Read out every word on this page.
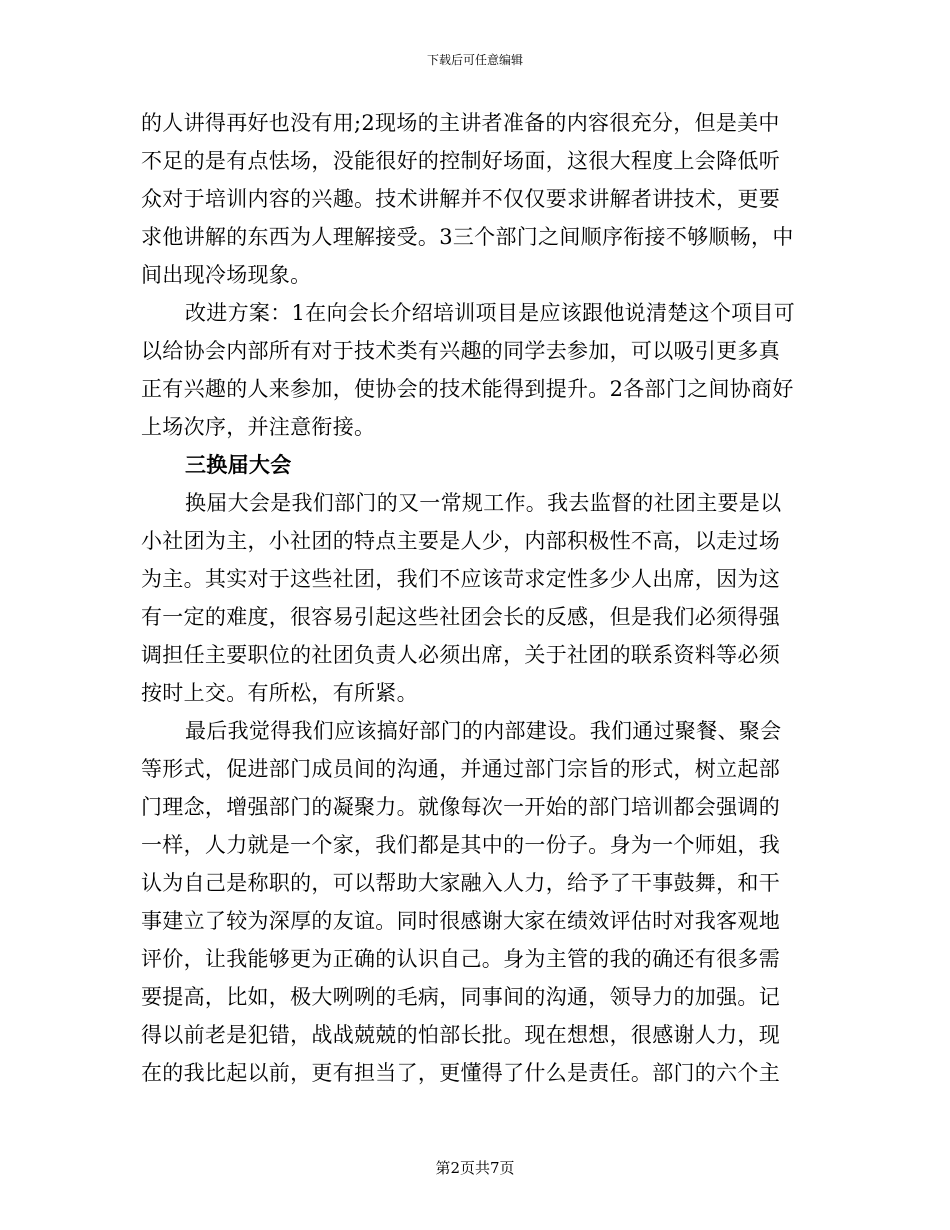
下载后可任意编辑
的人讲得再好也没有用;2现场的主讲者准备的内容很充分，但是美中
不足的是有点怯场，没能很好的控制好场面，这很大程度上会降低听
众对于培训内容的兴趣。技术讲解并不仅仅要求讲解者讲技术，更要
求他讲解的东西为人理解接受。3三个部门之间顺序衔接不够顺畅，中
间出现冷场现象。
改进方案：1在向会长介绍培训项目是应该跟他说清楚这个项目可
以给协会内部所有对于技术类有兴趣的同学去参加，可以吸引更多真
正有兴趣的人来参加，使协会的技术能得到提升。2各部门之间协商好
上场次序，并注意衔接。
三换届大会
换届大会是我们部门的又一常规工作。我去监督的社团主要是以
小社团为主，小社团的特点主要是人少，内部积极性不高，以走过场
为主。其实对于这些社团，我们不应该苛求定性多少人出席，因为这
有一定的难度，很容易引起这些社团会长的反感，但是我们必须得强
调担任主要职位的社团负责人必须出席，关于社团的联系资料等必须
按时上交。有所松，有所紧。
最后我觉得我们应该搞好部门的内部建设。我们通过聚餐、聚会
等形式，促进部门成员间的沟通，并通过部门宗旨的形式，树立起部
门理念，增强部门的凝聚力。就像每次一开始的部门培训都会强调的
一样，人力就是一个家，我们都是其中的一份子。身为一个师姐，我
认为自己是称职的，可以帮助大家融入人力，给予了干事鼓舞，和干
事建立了较为深厚的友谊。同时很感谢大家在绩效评估时对我客观地
评价，让我能够更为正确的认识自己。身为主管的我的确还有很多需
要提高，比如，极大咧咧的毛病，同事间的沟通，领导力的加强。记
得以前老是犯错，战战兢兢的怕部长批。现在想想，很感谢人力，现
在的我比起以前，更有担当了，更懂得了什么是责任。部门的六个主
第2页共7页
